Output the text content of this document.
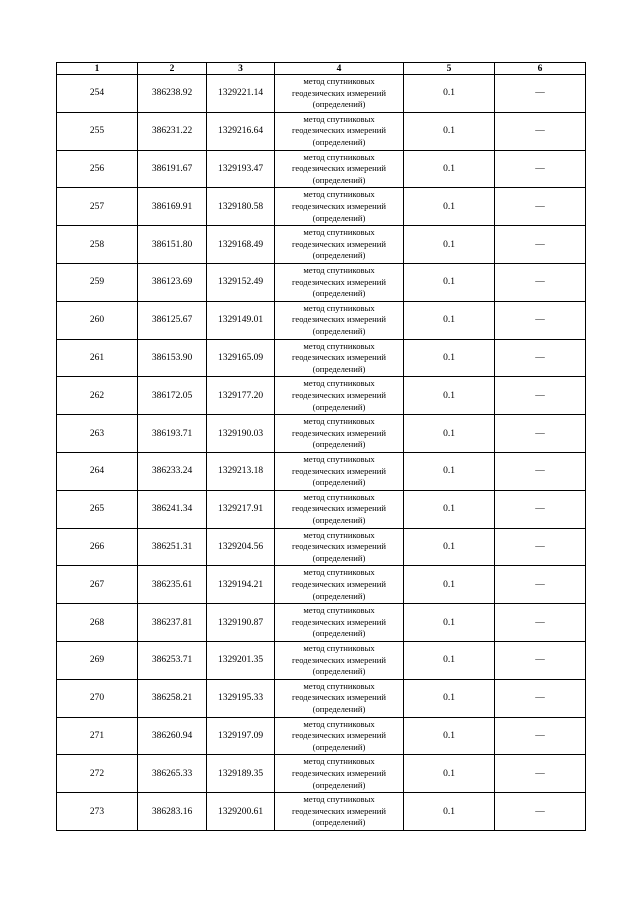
1	2	3	4	5	6
254	386238.92	1329221.14	метод спутниковых
геодезических измерений
(определений)	0.1	—
255	386231.22	1329216.64	метод спутниковых
геодезических измерений
(определений)	0.1	—
256	386191.67	1329193.47	метод спутниковых
геодезических измерений
(определений)	0.1	—
257	386169.91	1329180.58	метод спутниковых
геодезических измерений
(определений)	0.1	—
258	386151.80	1329168.49	метод спутниковых
геодезических измерений
(определений)	0.1	—
259	386123.69	1329152.49	метод спутниковых
геодезических измерений
(определений)	0.1	—
260	386125.67	1329149.01	метод спутниковых
геодезических измерений
(определений)	0.1	—
261	386153.90	1329165.09	метод спутниковых
геодезических измерений
(определений)	0.1	—
262	386172.05	1329177.20	метод спутниковых
геодезических измерений
(определений)	0.1	—
263	386193.71	1329190.03	метод спутниковых
геодезических измерений
(определений)	0.1	—
264	386233.24	1329213.18	метод спутниковых
геодезических измерений
(определений)	0.1	—
265	386241.34	1329217.91	метод спутниковых
геодезических измерений
(определений)	0.1	—
266	386251.31	1329204.56	метод спутниковых
геодезических измерений
(определений)	0.1	—
267	386235.61	1329194.21	метод спутниковых
геодезических измерений
(определений)	0.1	—
268	386237.81	1329190.87	метод спутниковых
геодезических измерений
(определений)	0.1	—
269	386253.71	1329201.35	метод спутниковых
геодезических измерений
(определений)	0.1	—
270	386258.21	1329195.33	метод спутниковых
геодезических измерений
(определений)	0.1	—
271	386260.94	1329197.09	метод спутниковых
геодезических измерений
(определений)	0.1	—
272	386265.33	1329189.35	метод спутниковых
геодезических измерений
(определений)	0.1	—
273	386283.16	1329200.61	метод спутниковых
геодезических измерений
(определений)	0.1	—
